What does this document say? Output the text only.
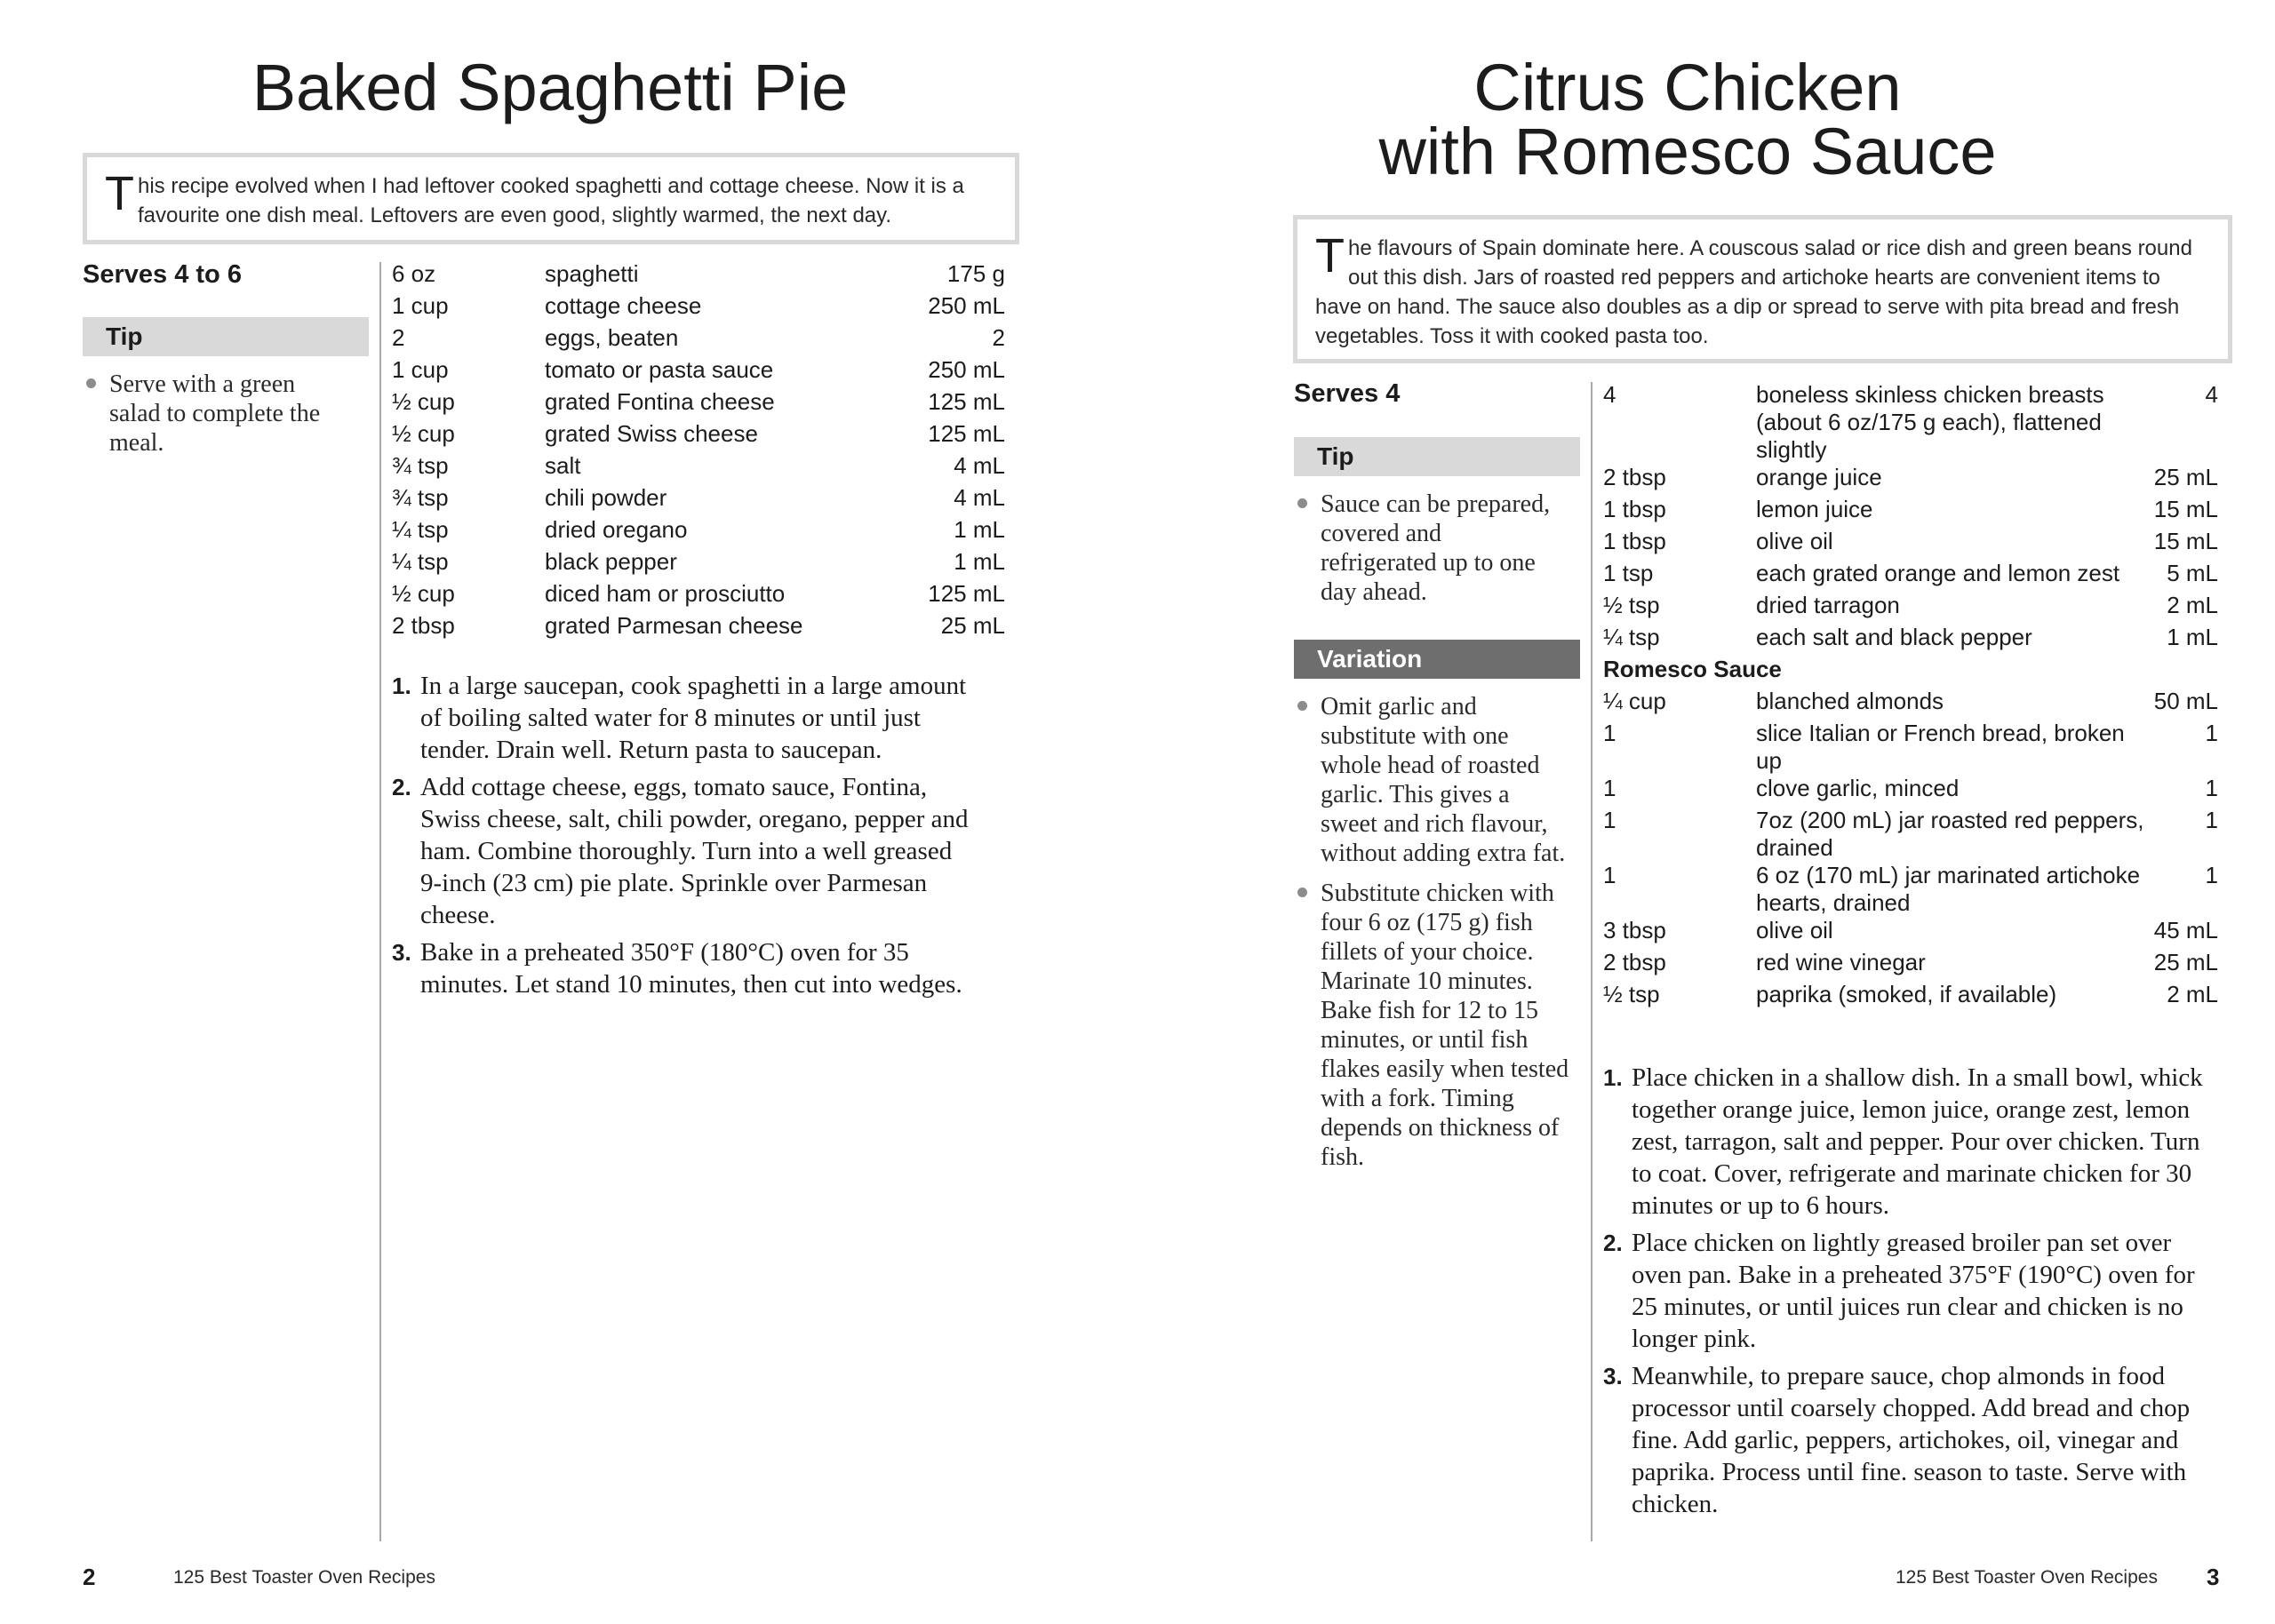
Baked Spaghetti Pie
This recipe evolved when I had leftover cooked spaghetti and cottage cheese. Now it is a favourite one dish meal. Leftovers are even good, slightly warmed, the next day.
Serves 4 to 6
Tip
Serve with a green salad to complete the meal.
6 oz	spaghetti	175 g
1 cup	cottage cheese	250 mL
2	eggs, beaten	2
1 cup	tomato or pasta sauce	250 mL
½ cup	grated Fontina cheese	125 mL
½ cup	grated Swiss cheese	125 mL
¾ tsp	salt	4 mL
¾ tsp	chili powder	4 mL
¼ tsp	dried oregano	1 mL
¼ tsp	black pepper	1 mL
½ cup	diced ham or prosciutto	125 mL
2 tbsp	grated Parmesan cheese	25 mL
1. In a large saucepan, cook spaghetti in a large amount of boiling salted water for 8 minutes or until just tender. Drain well. Return pasta to saucepan.
2. Add cottage cheese, eggs, tomato sauce, Fontina, Swiss cheese, salt, chili powder, oregano, pepper and ham. Combine thoroughly. Turn into a well greased 9-inch (23 cm) pie plate. Sprinkle over Parmesan cheese.
3. Bake in a preheated 350°F (180°C) oven for 35 minutes. Let stand 10 minutes, then cut into wedges.
2	125 Best Toaster Oven Recipes
Citrus Chicken
with Romesco Sauce
The flavours of Spain dominate here. A couscous salad or rice dish and green beans round out this dish. Jars of roasted red peppers and artichoke hearts are convenient items to have on hand. The sauce also doubles as a dip or spread to serve with pita bread and fresh vegetables. Toss it with cooked pasta too.
Serves 4
Tip
Sauce can be prepared, covered and refrigerated up to one day ahead.
Variation
Omit garlic and substitute with one whole head of roasted garlic. This gives a sweet and rich flavour, without adding extra fat.
Substitute chicken with four 6 oz (175 g) fish fillets of your choice. Marinate 10 minutes. Bake fish for 12 to 15 minutes, or until fish flakes easily when tested with a fork. Timing depends on thickness of fish.
4	boneless skinless chicken breasts (about 6 oz/175 g each), flattened slightly	4
2 tbsp	orange juice	25 mL
1 tbsp	lemon juice	15 mL
1 tbsp	olive oil	15 mL
1 tsp	each grated orange and lemon zest	5 mL
½ tsp	dried tarragon	2 mL
¼ tsp	each salt and black pepper	1 mL
Romesco Sauce		
¼ cup	blanched almonds	50 mL
1	slice Italian or French bread, broken up	1
1	clove garlic, minced	1
1	7oz (200 mL) jar roasted red peppers, drained	1
1	6 oz (170 mL) jar marinated artichoke hearts, drained	1
3 tbsp	olive oil	45 mL
2 tbsp	red wine vinegar	25 mL
½ tsp	paprika (smoked, if available)	2 mL
1. Place chicken in a shallow dish. In a small bowl, whick together orange juice, lemon juice, orange zest, lemon zest, tarragon, salt and pepper. Pour over chicken. Turn to coat. Cover, refrigerate and marinate chicken for 30 minutes or up to 6 hours.
2. Place chicken on lightly greased broiler pan set over oven pan. Bake in a preheated 375°F (190°C) oven for 25 minutes, or until juices run clear and chicken is no longer pink.
3. Meanwhile, to prepare sauce, chop almonds in food processor until coarsely chopped. Add bread and chop fine. Add garlic, peppers, artichokes, oil, vinegar and paprika. Process until fine. season to taste. Serve with chicken.
125 Best Toaster Oven Recipes 3
